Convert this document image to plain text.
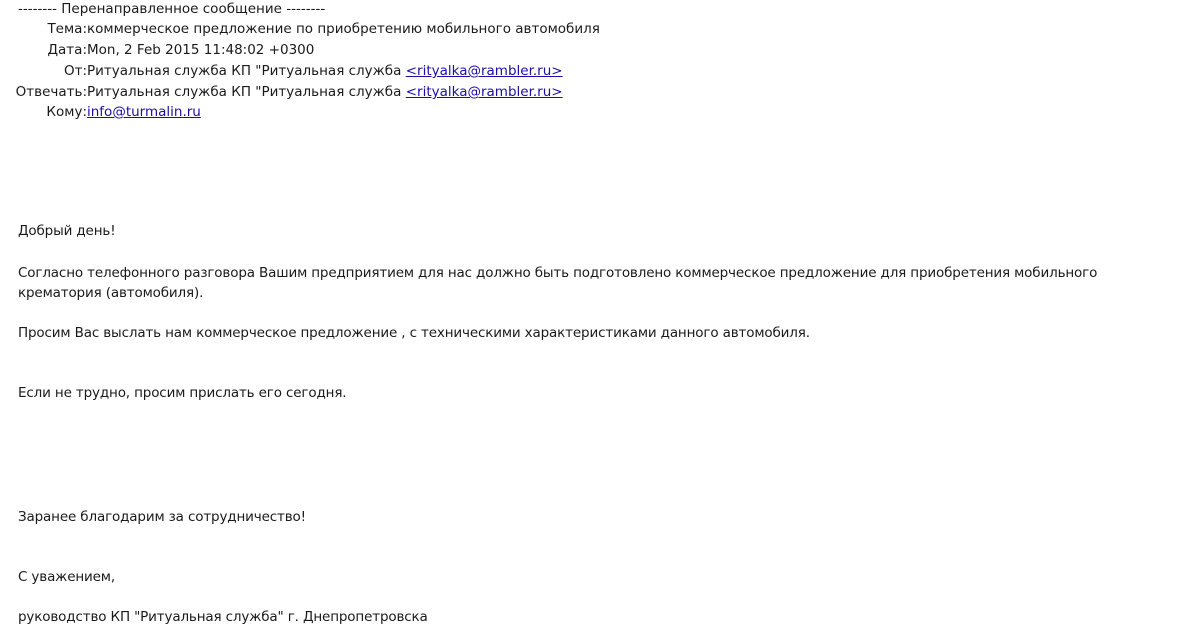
-------- Перенаправленное сообщение --------
Тема:коммерческое предложение по приобретению мобильного автомобиля
Дата:Mon, 2 Feb 2015 11:48:02 +0300
От:Ритуальная служба КП "Ритуальная служба <rityalka@rambler.ru>
Отвечать:Ритуальная служба КП "Ритуальная служба <rityalka@rambler.ru>
Кому:info@turmalin.ru
Добрый день!
Согласно телефонного разговора Вашим предприятием для нас должно быть подготовлено коммерческое предложение для приобретения мобильного крематория (автомобиля).
Просим Вас выслать нам коммерческое предложение , с техническими характеристиками данного автомобиля.
Если не трудно, просим прислать его сегодня.
Заранее благодарим за сотрудничество!
С уважением,
руководство КП "Ритуальная служба" г. Днепропетровска
